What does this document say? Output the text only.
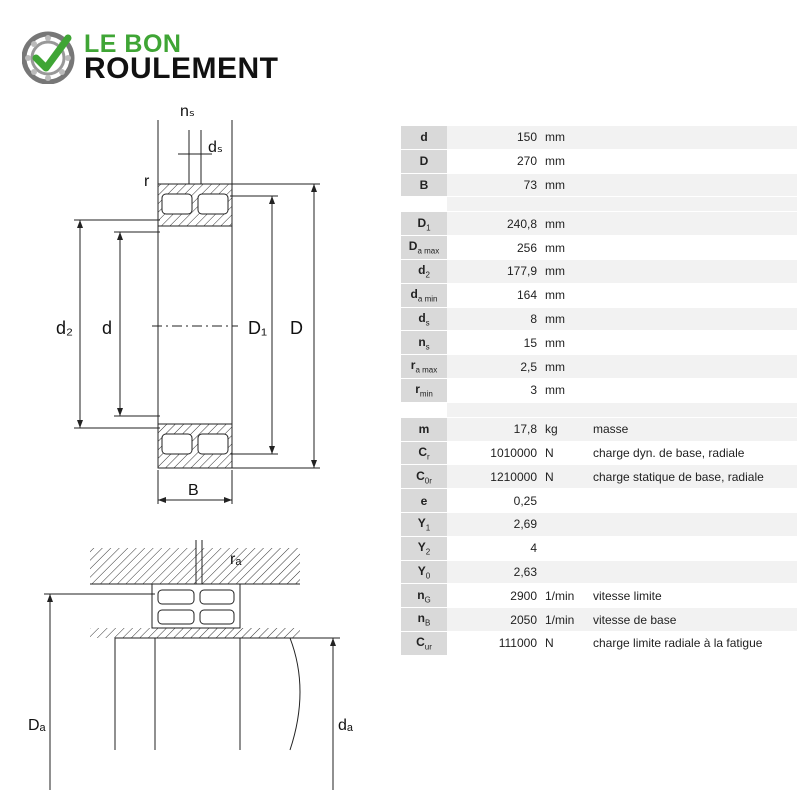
LE BON
ROULEMENT
nₛ
dₛ
r
d₂ d	D₁ D
B
rₐ
Dₐ	dₐ
d	150	mm	
D	270	mm	
B	73	mm	

$D_1$	240,8	mm	
$D_{a max}$	256	mm	
$d_2$	177,9	mm	
$d_{a min}$	164	mm	
$d_s$	8	mm	
$n_s$	15	mm	
$r_{a max}$	2,5	mm	
$r_{min}$	3	mm	

m	17,8	kg	masse
$C_r$	1010000	N	charge dyn. de base, radiale
$C_{0r}$	1210000	N	charge statique de base, radiale
e	0,25		
$Y_1$	2,69		
$Y_2$	4		
$Y_0$	2,63		
$n_G$	2900	1/min	vitesse limite
$n_B$	2050	1/min	vitesse de base
$C_{ur}$	111000	N	charge limite radiale à la fatigue
